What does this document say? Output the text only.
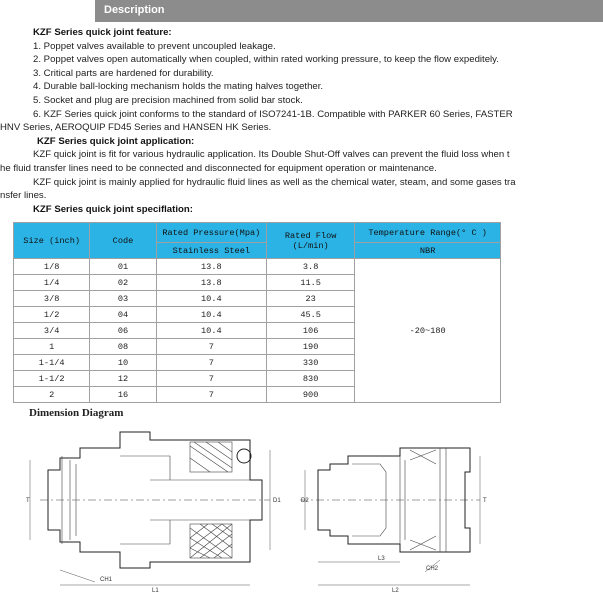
Description

KZF Series quick joint feature:

1. Poppet valves available to prevent uncoupled leakage.

2. Poppet valves open automatically when coupled, within rated working pressure, to keep the flow expeditely.

3. Critical parts are hardened for durability.

4. Durable ball-locking mechanism holds the mating halves together.

5. Socket and plug are precision machined from solid bar stock.

6. KZF Series quick joint conforms to the standard of ISO7241-1B. Compatible with PARKER 60 Series, FASTER

HNV Series, AEROQUIP FD45 Series and HANSEN HK Series.

KZF Series quick joint application:

KZF quick joint is fit for various hydraulic application. Its Double Shut-Off valves can prevent the fluid loss when t

he fluid transfer lines need to be connected and disconnected for equipment operation or maintenance.

KZF quick joint is mainly applied for hydraulic fluid lines as well as the chemical water, steam, and some gases tra

nsfer lines.

KZF Series quick joint speciflation:

Size (inch)	Code	Rated Pressure(Mpa)	Rated Flow (L/min)	Temperature Range(° C )
		Stainless Steel		NBR
1/8	01	13.8	3.8	-20~180
1/4	02	13.8	11.5	
3/8	03	10.4	23	
1/2	04	10.4	45.5	
3/4	06	10.4	106	
1	08	7	190	
1-1/4	10	7	330	
1-1/2	12	7	830	
2	16	7	900	
Dimension Diagram
T	D1
CH1
L1
D2	T
L3
CH2
L2
